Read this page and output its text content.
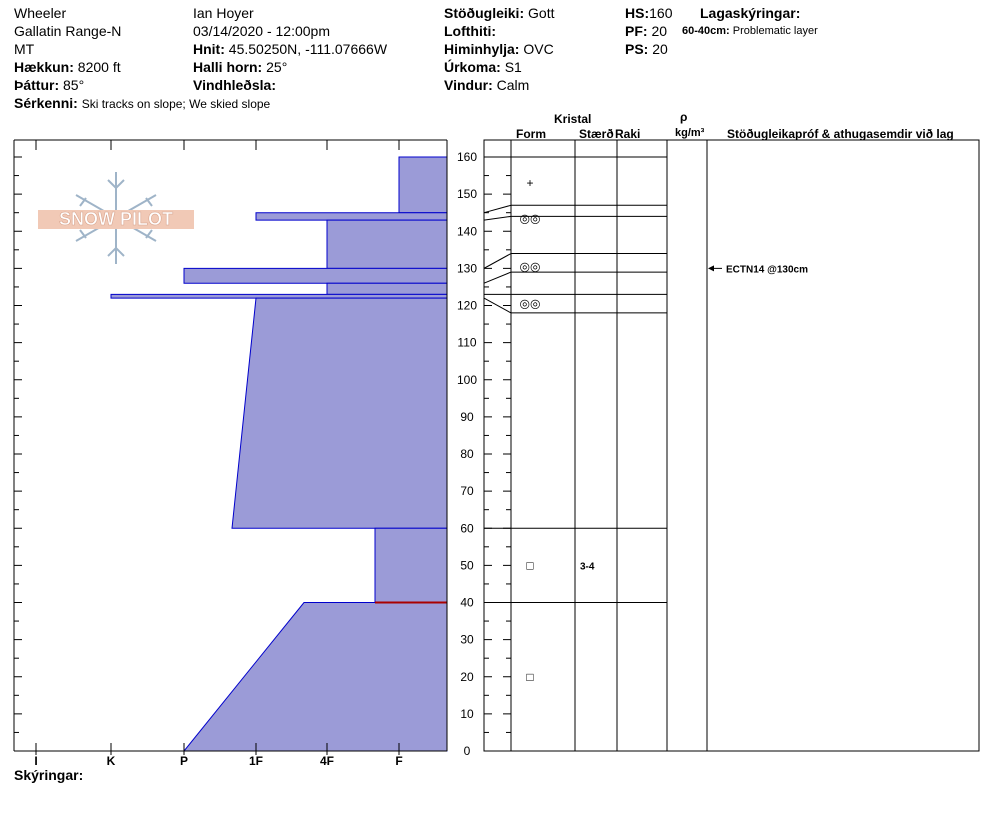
Wheeler
Gallatin Range-N
MT
Hækkun: 8200 ft
Þáttur: 85°
Sérkenni: Ski tracks on slope; We skied slope
Ian Hoyer
03/14/2020 - 12:00pm
Hnit: 45.50250N, -111.07666W
Halli horn: 25°
Vindhleðsla:
Stöðugleiki: Gott
Lofthiti:
Himinhylja: OVC
Úrkoma: S1
Vindur: Calm
HS:160
PF: 20
PS: 20
Lagaskýringar:
60-40cm: Problematic layer
Kristal
Form	Stærð Raki
ρ
kg/m³ Stöðugleikapróf & athugasemdir við lag
SNOW PILOT
I	K	P	1F	4F	F
0
10
20
30
40
50
60
70
80
90
100
110
120
130
140
150
160
+
◎◎
◎◎
◎◎
□	3-4
□
ECTN14 @130cm
Skýringar:
